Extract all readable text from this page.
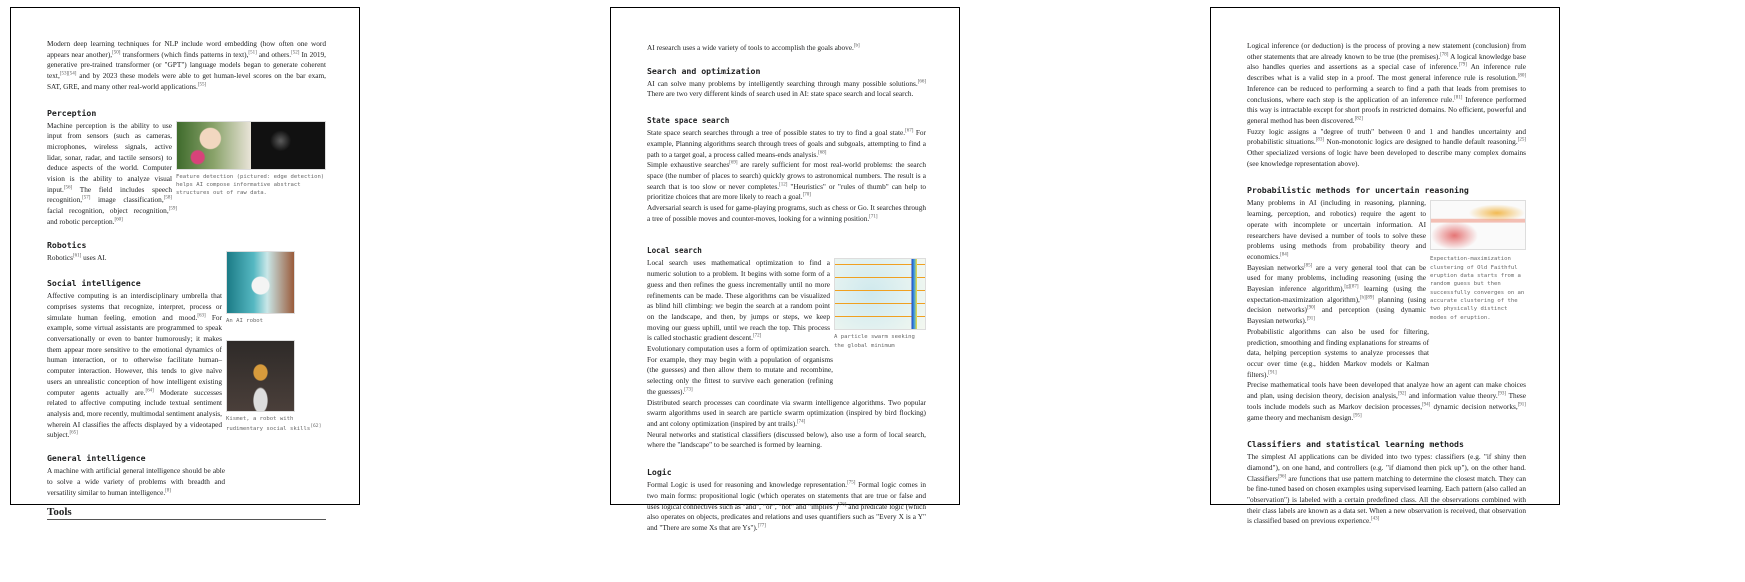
Modern deep learning techniques for NLP include word embedding (how often one word appears near another),[50] transformers (which finds patterns in text),[51] and others.[52] In 2019, generative pre-trained transformer (or "GPT") language models began to generate coherent text,[53][54] and by 2023 these models were able to get human-level scores on the bar exam, SAT, GRE, and many other real-world applications.[55]

Perception
Feature detection (pictured: edge detection) helps AI compose informative abstract structures out of raw data.

Machine perception is the ability to use input from sensors (such as cameras, microphones, wireless signals, active lidar, sonar, radar, and tactile sensors) to deduce aspects of the world. Computer vision is the ability to analyze visual input.[56] The field includes speech recognition,[57] image classification,[58] facial recognition, object recognition,[59] and robotic perception.[60]

Robotics

Robotics[61] uses AI.

An AI robot
Kismet, a robot with rudimentary social skills[62]
Social intelligence

Affective computing is an interdisciplinary umbrella that comprises systems that recognize, interpret, process or simulate human feeling, emotion and mood.[63] For example, some virtual assistants are programmed to speak conversationally or even to banter humorously; it makes them appear more sensitive to the emotional dynamics of human interaction, or to otherwise facilitate human–computer interaction. However, this tends to give naïve users an unrealistic conception of how intelligent existing computer agents actually are.[64] Moderate successes related to affective computing include textual sentiment analysis and, more recently, multimodal sentiment analysis, wherein AI classifies the affects displayed by a videotaped subject.[65]

General intelligence

A machine with artificial general intelligence should be able to solve a wide variety of problems with breadth and versatility similar to human intelligence.[8]

Tools

AI research uses a wide variety of tools to accomplish the goals above.[b]

Search and optimization

AI can solve many problems by intelligently searching through many possible solutions.[66] There are two very different kinds of search used in AI: state space search and local search.

State space search

State space search searches through a tree of possible states to try to find a goal state.[67] For example, Planning algorithms search through trees of goals and subgoals, attempting to find a path to a target goal, a process called means-ends analysis.[68]

Simple exhaustive searches[69] are rarely sufficient for most real-world problems: the search space (the number of places to search) quickly grows to astronomical numbers. The result is a search that is too slow or never completes.[12] "Heuristics" or "rules of thumb" can help to prioritize choices that are more likely to reach a goal.[70]

Adversarial search is used for game-playing programs, such as chess or Go. It searches through a tree of possible moves and counter-moves, looking for a winning position.[71]

Local search
A particle swarm seeking the global minimum

Local search uses mathematical optimization to find a numeric solution to a problem. It begins with some form of a guess and then refines the guess incrementally until no more refinements can be made. These algorithms can be visualized as blind hill climbing: we begin the search at a random point on the landscape, and then, by jumps or steps, we keep moving our guess uphill, until we reach the top. This process is called stochastic gradient descent.[72]

Evolutionary computation uses a form of optimization search. For example, they may begin with a population of organisms (the guesses) and then allow them to mutate and recombine, selecting only the fittest to survive each generation (refining the guesses).[73]

Distributed search processes can coordinate via swarm intelligence algorithms. Two popular swarm algorithms used in search are particle swarm optimization (inspired by bird flocking) and ant colony optimization (inspired by ant trails).[74]

Neural networks and statistical classifiers (discussed below), also use a form of local search, where the "landscape" to be searched is formed by learning.

Logic

Formal Logic is used for reasoning and knowledge representation.[75] Formal logic comes in two main forms: propositional logic (which operates on statements that are true or false and uses logical connectives such as "and", "or", "not" and "implies")[76] and predicate logic (which also operates on objects, predicates and relations and uses quantifiers such as "Every X is a Y" and "There are some Xs that are Ys").[77]

Logical inference (or deduction) is the process of proving a new statement (conclusion) from other statements that are already known to be true (the premises).[78] A logical knowledge base also handles queries and assertions as a special case of inference.[79] An inference rule describes what is a valid step in a proof. The most general inference rule is resolution.[80] Inference can be reduced to performing a search to find a path that leads from premises to conclusions, where each step is the application of an inference rule.[81] Inference performed this way is intractable except for short proofs in restricted domains. No efficient, powerful and general method has been discovered.[82]

Fuzzy logic assigns a "degree of truth" between 0 and 1 and handles uncertainty and probabilistic situations.[83] Non-monotonic logics are designed to handle default reasoning.[25] Other specialized versions of logic have been developed to describe many complex domains (see knowledge representation above).

Probabilistic methods for uncertain reasoning
Expectation-maximization clustering of Old Faithful eruption data starts from a random guess but then successfully converges on an accurate clustering of the two physically distinct modes of eruption.

Many problems in AI (including in reasoning, planning, learning, perception, and robotics) require the agent to operate with incomplete or uncertain information. AI researchers have devised a number of tools to solve these problems using methods from probability theory and economics.[84]

Bayesian networks[85] are a very general tool that can be used for many problems, including reasoning (using the Bayesian inference algorithm),[g][87] learning (using the expectation-maximization algorithm),[h][89] planning (using decision networks)[90] and perception (using dynamic Bayesian networks).[91]

Probabilistic algorithms can also be used for filtering, prediction, smoothing and finding explanations for streams of data, helping perception systems to analyze processes that occur over time (e.g., hidden Markov models or Kalman filters).[91]

Precise mathematical tools have been developed that analyze how an agent can make choices and plan, using decision theory, decision analysis,[92] and information value theory.[93] These tools include models such as Markov decision processes,[94] dynamic decision networks,[91] game theory and mechanism design.[95]

Classifiers and statistical learning methods

The simplest AI applications can be divided into two types: classifiers (e.g. "if shiny then diamond"), on one hand, and controllers (e.g. "if diamond then pick up"), on the other hand. Classifiers[96] are functions that use pattern matching to determine the closest match. They can be fine-tuned based on chosen examples using supervised learning. Each pattern (also called an "observation") is labeled with a certain predefined class. All the observations combined with their class labels are known as a data set. When a new observation is received, that observation is classified based on previous experience.[43]
